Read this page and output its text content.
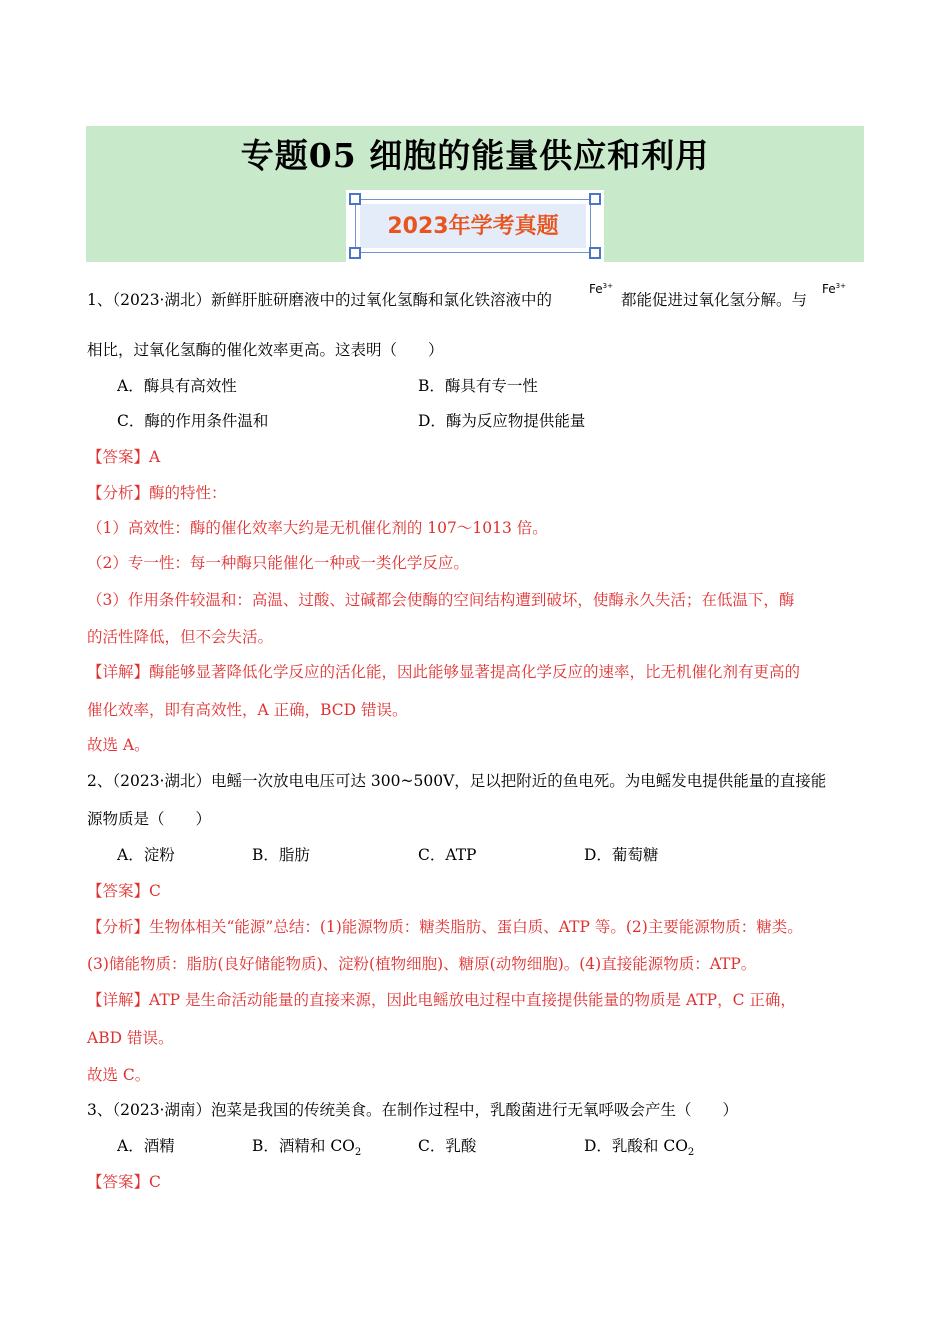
专题05 细胞的能量供应和利用
2023年学考真题
1、（2023·湖北）新鲜肝脏研磨液中的过氧化氢酶和氯化铁溶液中的
$Fe^{3+}$
都能促进过氧化氢分解。与
$Fe^{3+}$
相比，过氧化氢酶的催化效率更高。这表明（　　）
A．酶具有高效性	B．酶具有专一性
C．酶的作用条件温和	D．酶为反应物提供能量
【答案】A
【分析】酶的特性：
（1）高效性：酶的催化效率大约是无机催化剂的 107～1013 倍。
（2）专一性：每一种酶只能催化一种或一类化学反应。
（3）作用条件较温和：高温、过酸、过碱都会使酶的空间结构遭到破坏，使酶永久失活；在低温下，酶
的活性降低，但不会失活。
【详解】酶能够显著降低化学反应的活化能，因此能够显著提高化学反应的速率，比无机催化剂有更高的
催化效率，即有高效性，A 正确，BCD 错误。
故选 A。
2、（2023·湖北）电鳐一次放电电压可达 300~500V，足以把附近的鱼电死。为电鳐发电提供能量的直接能
源物质是（　　）
A．淀粉	B．脂肪	C．ATP	D．葡萄糖
【答案】C
【分析】生物体相关“能源”总结：(1)能源物质：糖类脂肪、蛋白质、ATP 等。(2)主要能源物质：糖类。
(3)储能物质：脂肪(良好储能物质)、淀粉(植物细胞)、糖原(动物细胞)。(4)直接能源物质：ATP。
【详解】ATP 是生命活动能量的直接来源，因此电鳐放电过程中直接提供能量的物质是 ATP，C 正确，
ABD 错误。
故选 C。
3、（2023·湖南）泡菜是我国的传统美食。在制作过程中，乳酸菌进行无氧呼吸会产生（　　）
A．酒精	B．酒精和 $CO_2$	C．乳酸	D．乳酸和 $CO_2$
【答案】C
